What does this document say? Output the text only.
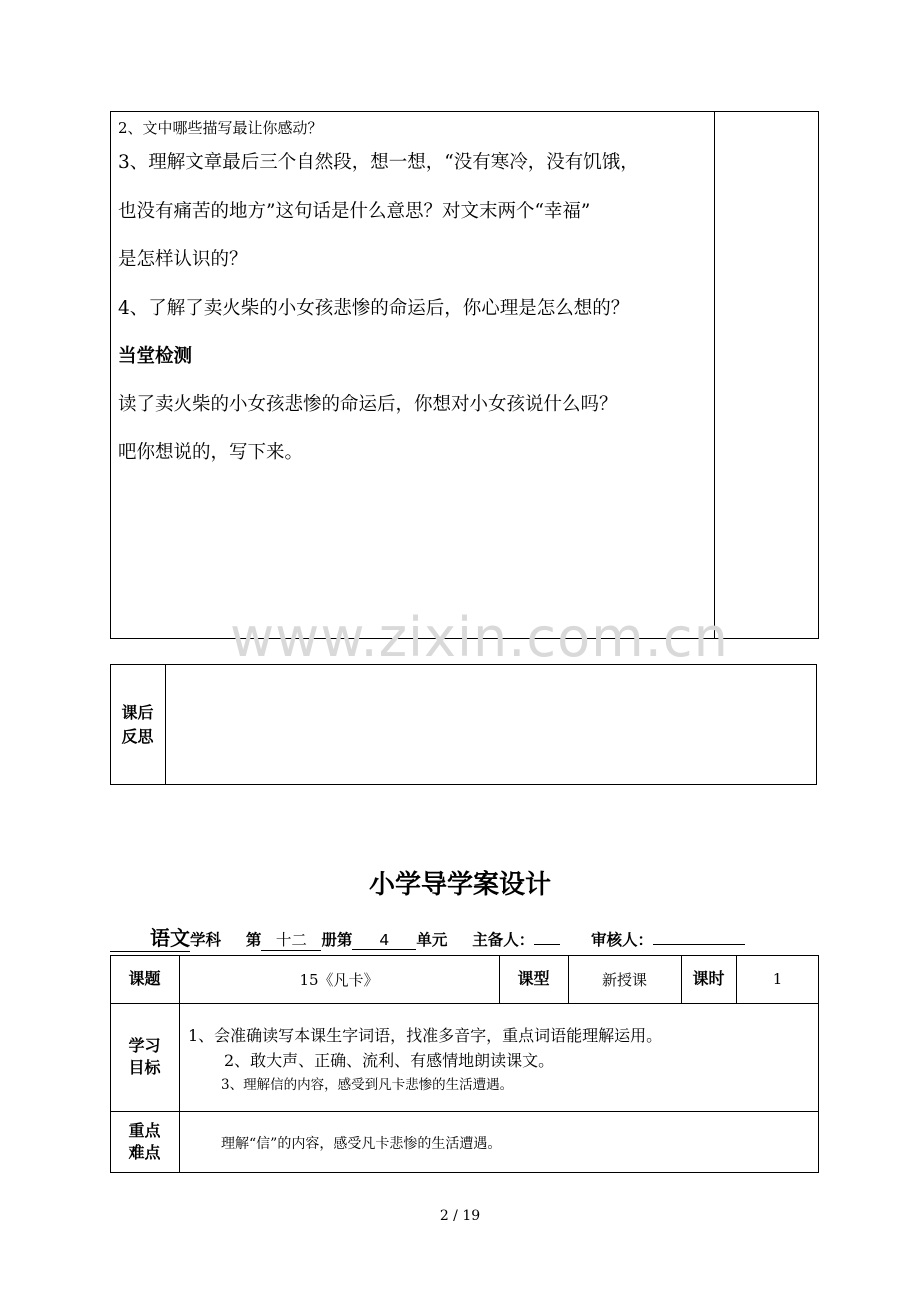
2、文中哪些描写最让你感动？
3、理解文章最后三个自然段，想一想，“没有寒冷，没有饥饿，
也没有痛苦的地方”这句话是什么意思？对文末两个“幸福”
是怎样认识的？
4、了解了卖火柴的小女孩悲惨的命运后，你心理是怎么想的？
当堂检测
读了卖火柴的小女孩悲惨的命运后，你想对小女孩说什么吗？
吧你想说的，写下来。
www.zixin.com.cn
课后
反思
小学导学案设计
语文学科 第 十二 册第 4 单元 主备人：	审核人：
课题	15《凡卡》	课型	新授课	课时	1
学习
目标
1、会准确读写本课生字词语，找准多音字，重点词语能理解运用。
2、敢大声、正确、流利、有感情地朗读课文。
3、理解信的内容，感受到凡卡悲惨的生活遭遇。
重点
难点	理解“信”的内容，感受凡卡悲惨的生活遭遇。
2 / 19
